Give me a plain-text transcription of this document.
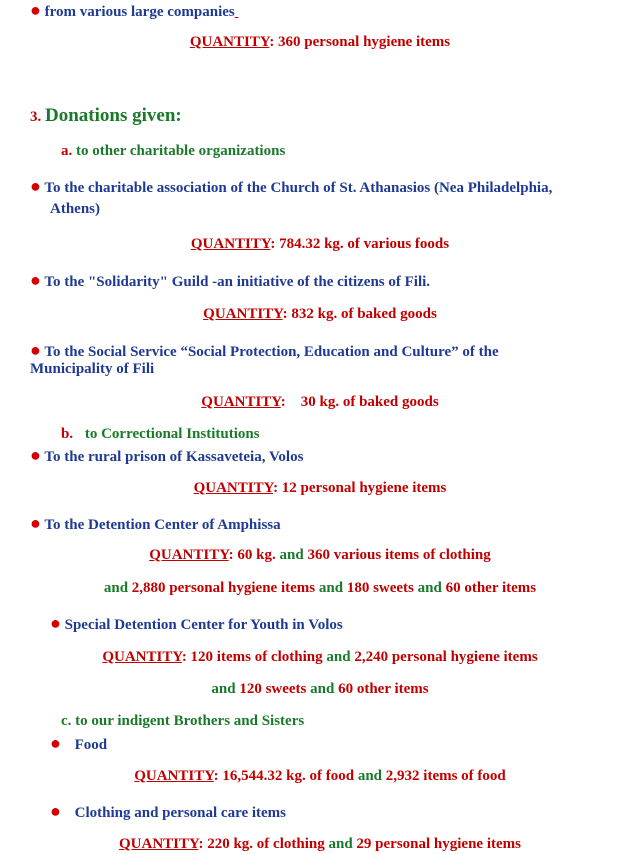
● from various large companies
QUANTITY: 360 personal hygiene items
3. Donations given:
a. to other charitable organizations
● To the charitable association of the Church of St. Athanasios (Nea Philadelphia,
Athens)
QUANTITY: 784.32 kg. of various foods
● To the "Solidarity" Guild -an initiative of the citizens of Fili.
QUANTITY: 832 kg. of baked goods
● To the Social Service “Social Protection, Education and Culture” of the
Municipality of Fili
QUANTITY:    30 kg. of baked goods
b. to Correctional Institutions
● To the rural prison of Kassaveteia, Volos
QUANTITY: 12 personal hygiene items
● To the Detention Center of Amphissa
QUANTITY: 60 kg. and 360 various items of clothing
and 2,880 personal hygiene items and 180 sweets and 60 other items
● Special Detention Center for Youth in Volos
QUANTITY: 120 items of clothing and 2,240 personal hygiene items
and 120 sweets and 60 other items
c. to our indigent Brothers and Sisters
● Food
QUANTITY: 16,544.32 kg. of food and 2,932 items of food
● Clothing and personal care items
QUANTITY: 220 kg. of clothing and 29 personal hygiene items
